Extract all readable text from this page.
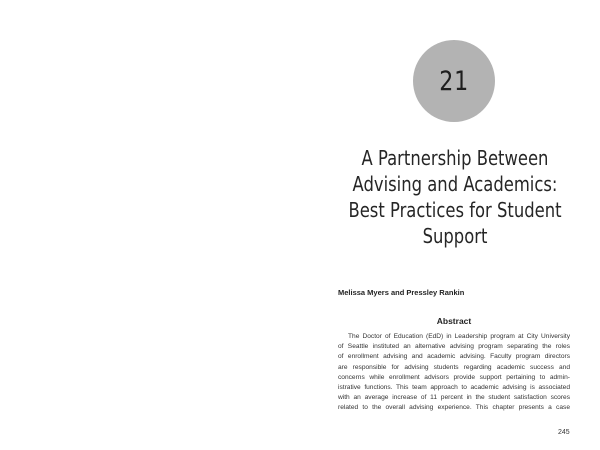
21
A Partnership Between
Advising and Academics:
Best Practices for Student
Support
Melissa Myers and Pressley Rankin
Abstract
The Doctor of Education (EdD) in Leadership program at City University
of Seattle instituted an alternative advising program separating the roles
of enrollment advising and academic advising. Faculty program directors
are responsible for advising students regarding academic success and
concerns while enrollment advisors provide support pertaining to admin-
istrative functions. This team approach to academic advising is associated
with an average increase of 11 percent in the student satisfaction scores
related to the overall advising experience. This chapter presents a case
245
